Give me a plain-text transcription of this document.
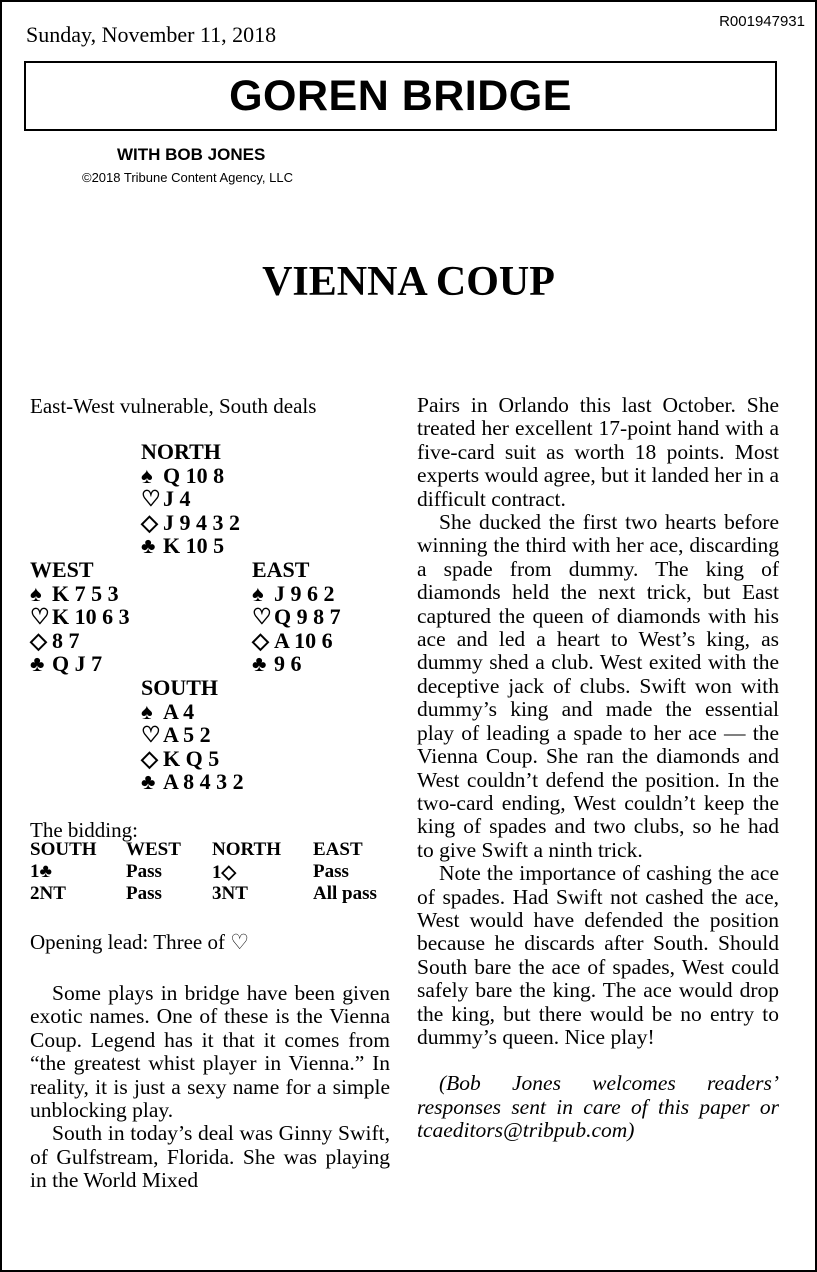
Sunday, November 11, 2018
R001947931
GOREN BRIDGE
WITH BOB JONES
©2018 Tribune Content Agency, LLC
VIENNA COUP
East-West vulnerable, South deals
NORTH
♠ Q 10 8
♡ J 4
◇ J 9 4 3 2
♣ K 10 5
WEST
♠ K 7 5 3
♡ K 10 6 3
◇ 8 7
♣ Q J 7
EAST
♠ J 9 6 2
♡ Q 9 8 7
◇ A 10 6
♣ 9 6
SOUTH
♠ A 4
♡ A 5 2
◇ K Q 5
♣ A 8 4 3 2
The bidding:
SOUTH WEST NORTH EAST
1♣	Pass	1◇	Pass
2NT	Pass	3NT	All pass
Opening lead: Three of ♡

Some plays in bridge have been given exotic names. One of these is the Vienna Coup. Legend has it that it comes from “the greatest whist player in Vienna.” In reality, it is just a sexy name for a simple unblocking play.

South in today’s deal was Ginny Swift, of Gulfstream, Florida. She was playing in the World Mixed

Pairs in Orlando this last October. She treated her excellent 17-point hand with a five-card suit as worth 18 points. Most experts would agree, but it landed her in a difficult contract.

She ducked the first two hearts before winning the third with her ace, discarding a spade from dummy. The king of diamonds held the next trick, but East captured the queen of diamonds with his ace and led a heart to West’s king, as dummy shed a club. West exited with the deceptive jack of clubs. Swift won with dummy’s king and made the essential play of leading a spade to her ace — the Vienna Coup. She ran the diamonds and West couldn’t defend the position. In the two-card ending, West couldn’t keep the king of spades and two clubs, so he had to give Swift a ninth trick.

Note the importance of cashing the ace of spades. Had Swift not cashed the ace, West would have defended the position because he discards after South. Should South bare the ace of spades, West could safely bare the king. The ace would drop the king, but there would be no entry to dummy’s queen. Nice play!

(Bob Jones welcomes readers’ responses sent in care of this paper or tcaeditors@tribpub.com)
